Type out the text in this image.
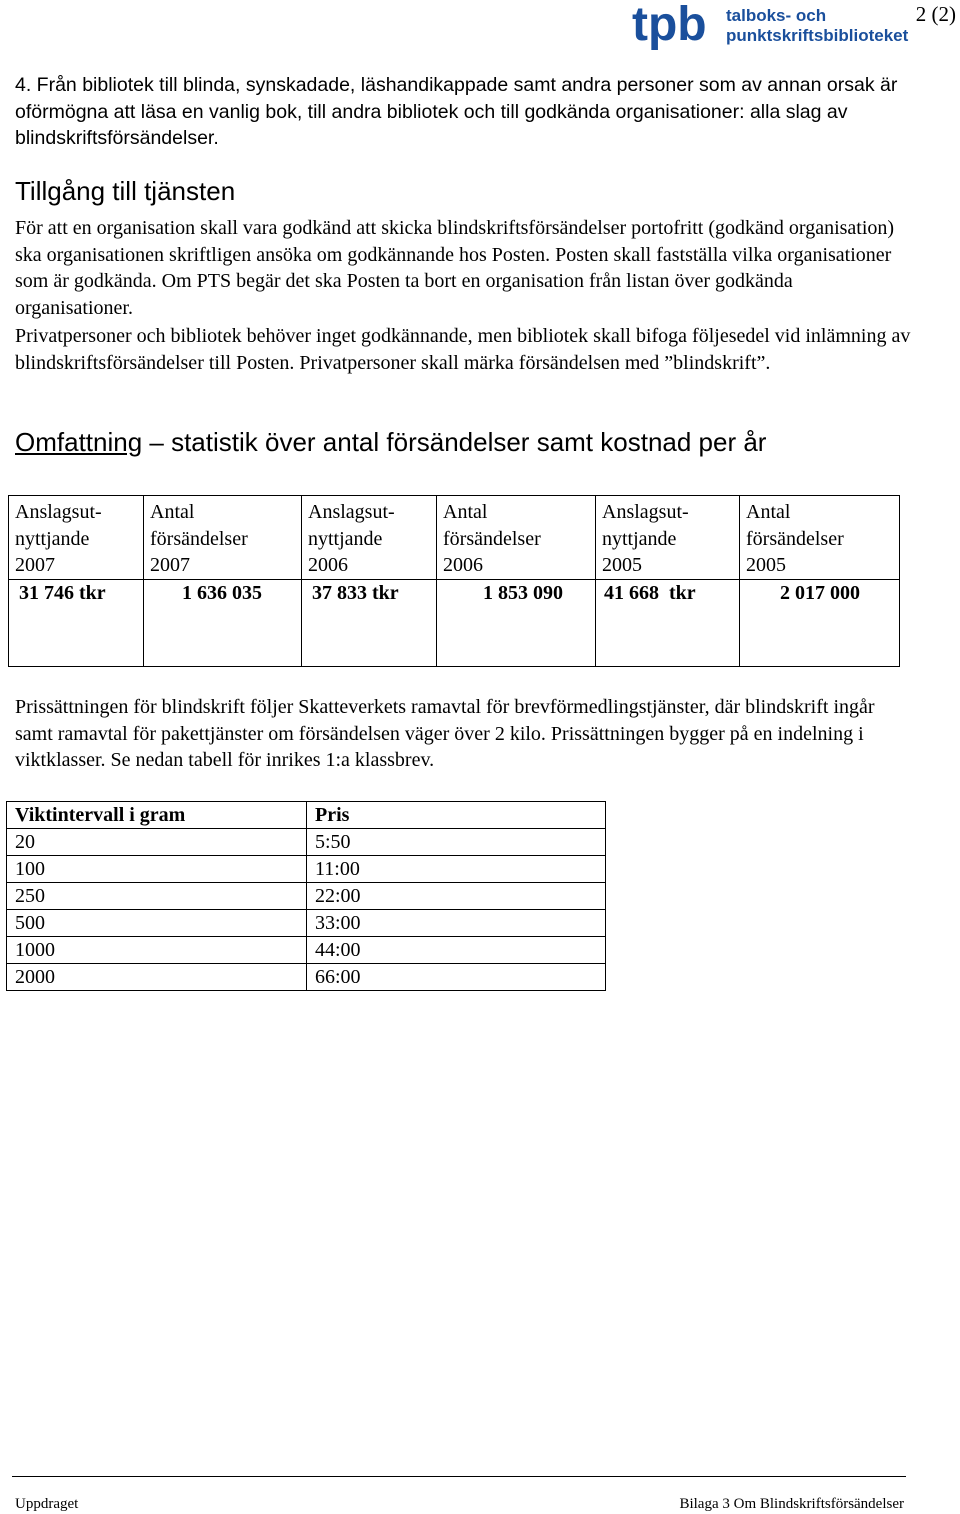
2 (2)
tpb talboks- och
punktskriftsbiblioteket
4. Från bibliotek till blinda, synskadade, läshandikappade samt andra personer som av annan orsak är oförmögna att läsa en vanlig bok, till andra bibliotek och till godkända organisationer: alla slag av blindskriftsförsändelser.
Tillgång till tjänsten
För att en organisation skall vara godkänd att skicka blindskriftsförsändelser portofritt (godkänd organisation) ska organisationen skriftligen ansöka om godkännande hos Posten. Posten skall fastställa vilka organisationer som är godkända. Om PTS begär det ska Posten ta bort en organisation från listan över godkända organisationer.
Privatpersoner och bibliotek behöver inget godkännande, men bibliotek skall bifoga följesedel vid inlämning av blindskriftsförsändelser till Posten. Privatpersoner skall märka försändelsen med ”blindskrift”.
Omfattning – statistik över antal försändelser samt kostnad per år
Anslagsut-
nyttjande
2007	Antal
försändelser
2007	Anslagsut-
nyttjande
2006	Antal
försändelser
2006	Anslagsut-
nyttjande
2005	Antal
försändelser
2005

31 746 tkr	1 636 035	37 833 tkr	1 853 090	41 668  tkr	2 017 000
Prissättningen för blindskrift följer Skatteverkets ramavtal för brevförmedlingstjänster, där blindskrift ingår samt ramavtal för pakettjänster om försändelsen väger över 2 kilo. Prissättningen bygger på en indelning i viktklasser. Se nedan tabell för inrikes 1:a klassbrev.
Viktintervall i gram	Pris
20	5:50
100	11:00
250	22:00
500	33:00
1000	44:00
2000	66:00
Uppdraget	Bilaga 3 Om Blindskriftsförsändelser
